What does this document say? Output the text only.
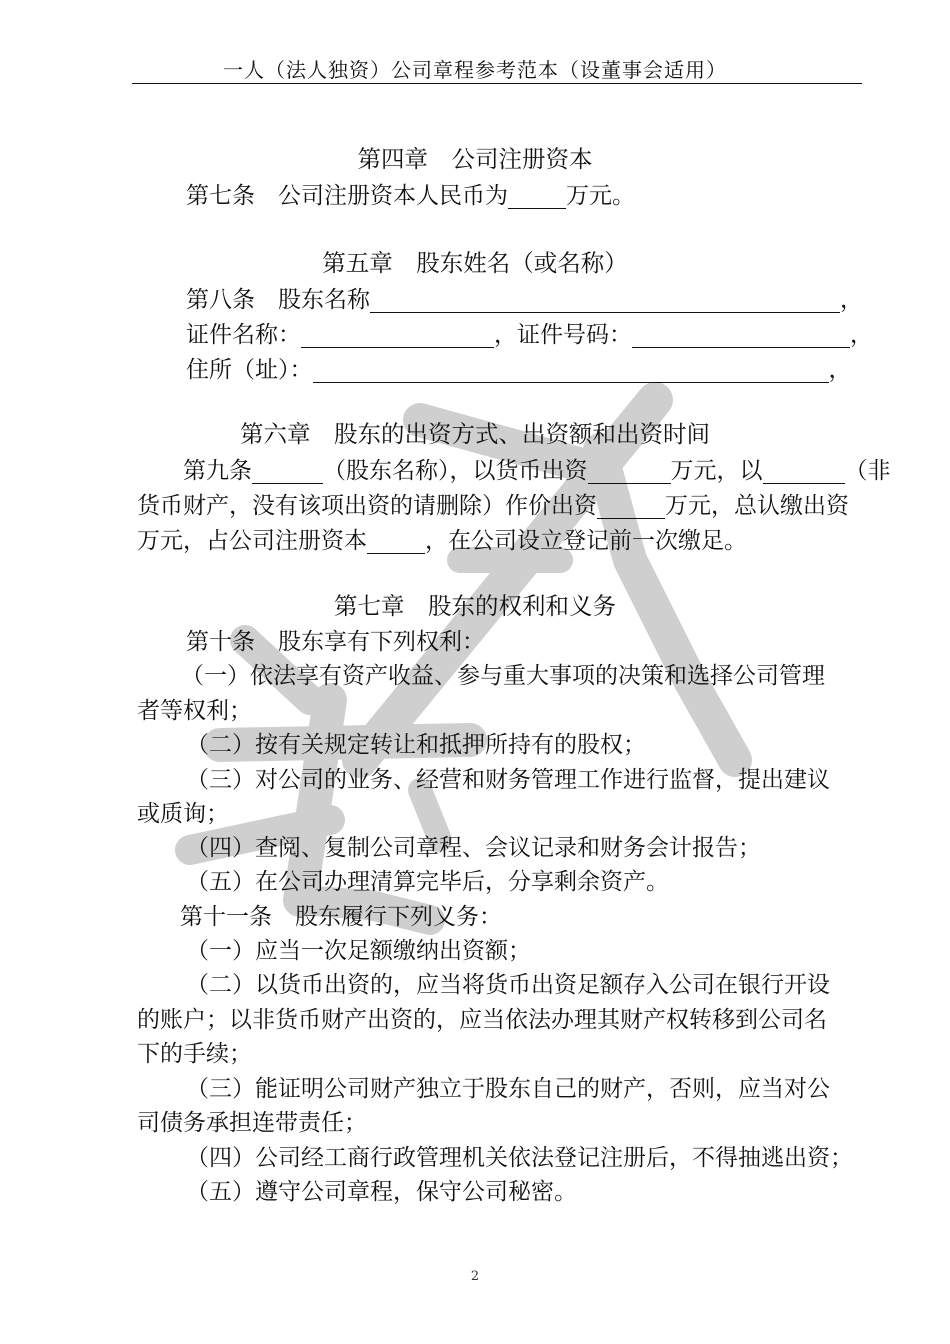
一人（法人独资）公司章程参考范本（设董事会适用）
第四章　公司注册资本
第七条　公司注册资本人民币为	万元。
第五章　股东姓名（或名称）
第八条　股东名称	，
证件名称：	，证件号码：	，
住所（址）：	，
第六章　股东的出资方式、出资额和出资时间
第九条	（股东名称），以货币出资	万元，以	（非
货币财产，没有该项出资的请删除）作价出资	万元，总认缴出资
万元，占公司注册资本	，在公司设立登记前一次缴足。
第七章　股东的权利和义务
第十条　股东享有下列权利：
（一）依法享有资产收益、参与重大事项的决策和选择公司管理
者等权利；
（二）按有关规定转让和抵押所持有的股权；
（三）对公司的业务、经营和财务管理工作进行监督，提出建议
或质询；
（四）查阅、复制公司章程、会议记录和财务会计报告；
（五）在公司办理清算完毕后，分享剩余资产。
第十一条　股东履行下列义务：
（一）应当一次足额缴纳出资额；
（二）以货币出资的，应当将货币出资足额存入公司在银行开设
的账户；以非货币财产出资的，应当依法办理其财产权转移到公司名
下的手续；
（三）能证明公司财产独立于股东自己的财产，否则，应当对公
司债务承担连带责任；
（四）公司经工商行政管理机关依法登记注册后，不得抽逃出资；
（五）遵守公司章程，保守公司秘密。
2
